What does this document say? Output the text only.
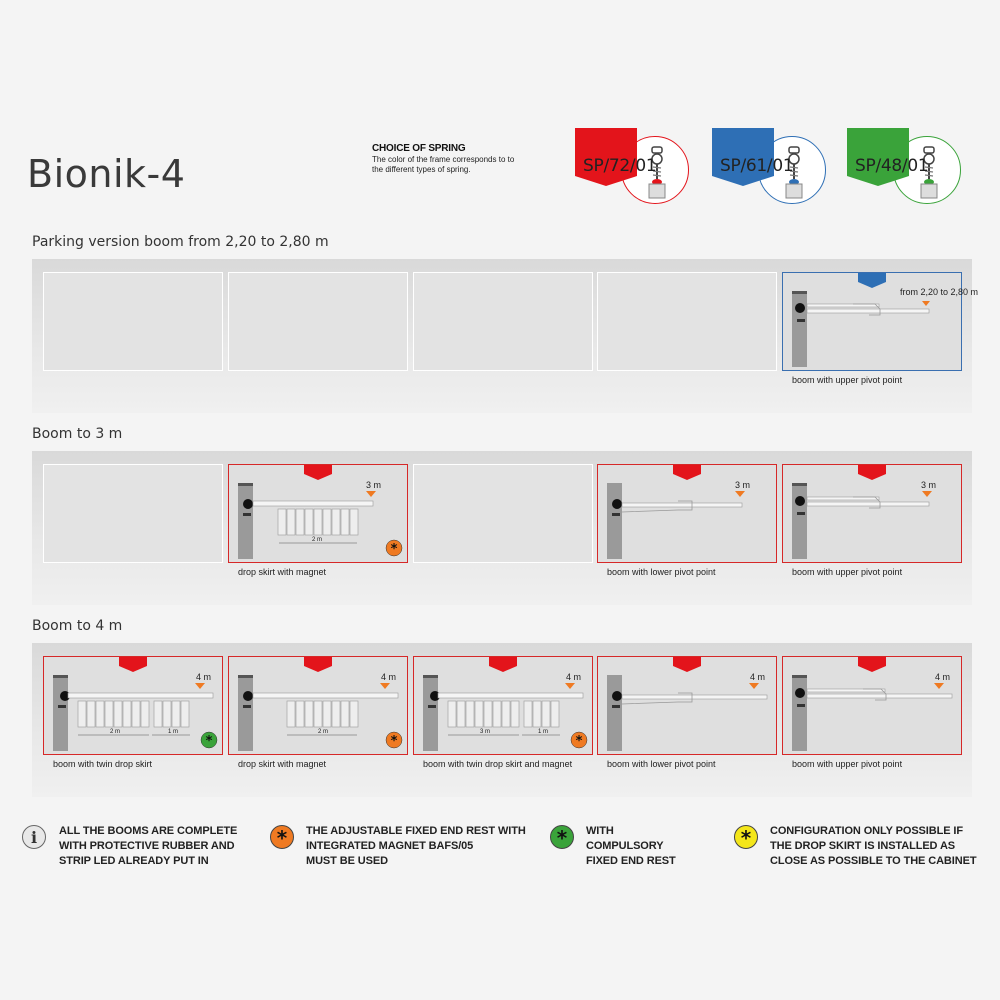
Bionik-4
CHOICE OF SPRING
The color of the frame corresponds to to
the different types of spring.	SP/72/01	SP/61/01	SP/48/01
Parking version boom from 2,20 to 2,80 m
from 2,20 to 2,80 m
boom with upper pivot point
Boom to 3 m
*
3 m
2 m
drop skirt with magnet
3 m
boom with lower pivot point
3 m
boom with upper pivot point
Boom to 4 m
*
4 m
2 m	1 m
boom with twin drop skirt
*
4 m
2 m
drop skirt with magnet
*
4 m
3 m	1 m
boom with twin drop skirt and magnet
4 m
boom with lower pivot point
4 m
boom with upper pivot point
i	ALL THE BOOMS ARE COMPLETE
WITH PROTECTIVE RUBBER AND
STRIP LED ALREADY PUT IN
*	THE ADJUSTABLE FIXED END REST WITH
INTEGRATED MAGNET BAFS/05
MUST BE USED
*	WITH
COMPULSORY
FIXED END REST
*	CONFIGURATION ONLY POSSIBLE IF
THE DROP SKIRT IS INSTALLED AS
CLOSE AS POSSIBLE TO THE CABINET
